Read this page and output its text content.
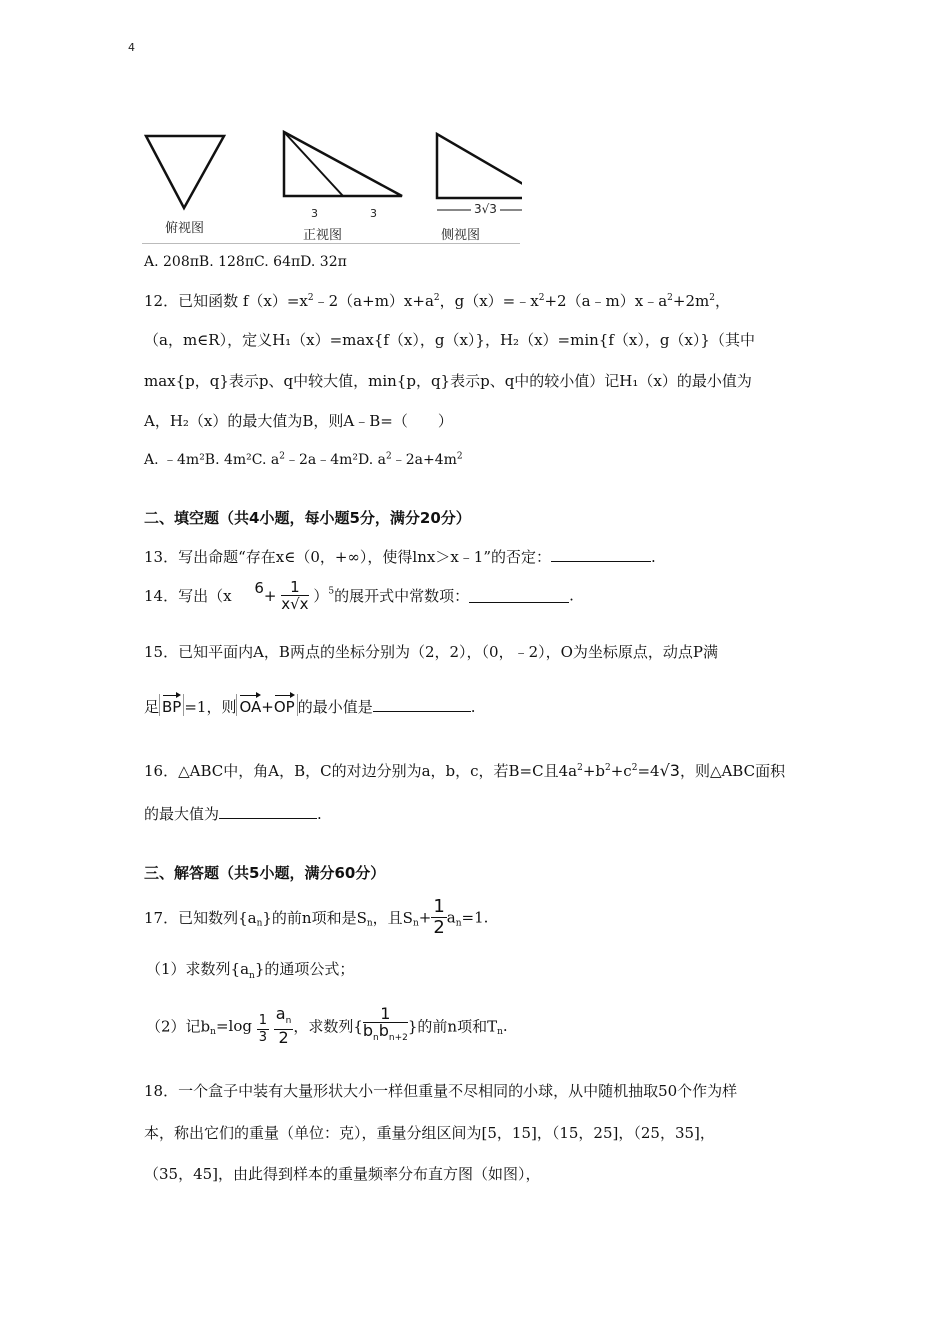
4
俯视图
3	3
正视图
3√3
侧视图
A. 208πB. 128πC. 64πD. 32π
12．已知函数 $f(x)=x^2﹣2(a+m)x+a^2$，$g(x)=﹣x^2+2(a﹣m)x﹣a^2+2m^2$，
（a，m∈R），定义H₁（x）=max{f（x），g（x）}，H₂（x）=min{f（x），g（x）}（其中
max{p，q}表示p、q中较大值，min{p，q}表示p、q中的较小值）记H₁（x）的最小值为
A，H₂（x）的最大值为B，则A﹣B=（　　）
A. ﹣4m²B. 4m²C. $a^2﹣2a﹣4m^2D$. $a^2﹣2a+4m^2$
二、填空题（共4小题，每小题5分，满分20分）
13．写出命题“存在x∈（0，+∞），使得lnx＞x﹣1”的否定：	.
14．写出（x $6+ \frac{1}{x√x} )^5$的展开式中常数项：	.
15．已知平面内A，B两点的坐标分别为（2，2），（0，﹣2），O为坐标原点，动点P满
足 BP =1，则 OA+OP 的最小值是	.
16．△ABC中，角A，B，C的对边分别为a，b，c，若B=C且$4a^2+b^2+c^2=4√3$，则△ABC面积
的最大值为	.
三、解答题（共5小题，满分60分）
17．已知数列$\{a_n\}$的前n项和是$S_n$，且$S_n+ \frac{1}{2} a_n=1$.
（1）求数列$\{a_n\}$的通项公式；
（2）记$b_n=\log \frac{1}{3}$
$\frac{a_n}{2}$ ，求数列{ $\frac{1}{b_nb_{n+2}}$ }的前n项和$T_n$.
18．一个盒子中装有大量形状大小一样但重量不尽相同的小球，从中随机抽取50个作为样
本，称出它们的重量（单位：克），重量分组区间为[5，15]，（15，25]，（25，35]，
（35，45]，由此得到样本的重量频率分布直方图（如图），
